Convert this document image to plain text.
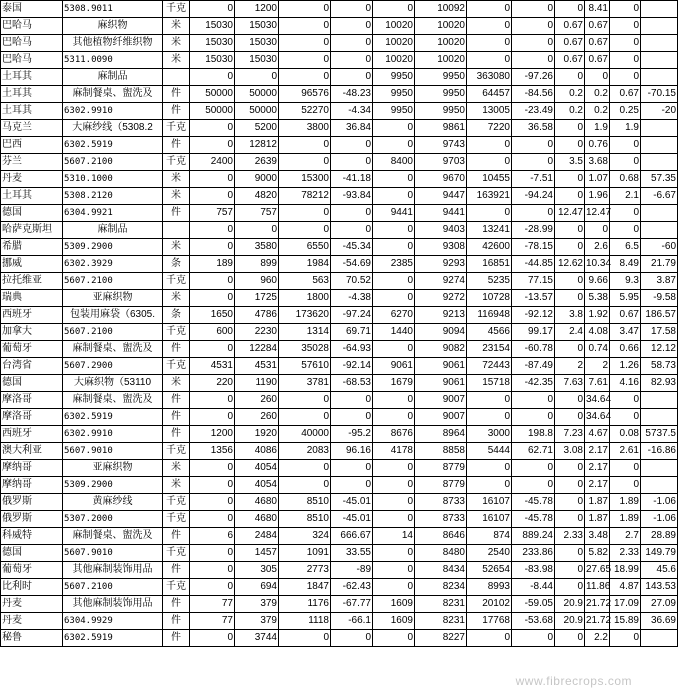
泰国	5308.9011	千克	0	1200	0	0	0	10092	0	0	0	8.41	0	
巴哈马	麻织物	米	15030	15030	0	0	10020	10020	0	0	0.67	0.67	0	
巴哈马	其他植物纤维织物	米	15030	15030	0	0	10020	10020	0	0	0.67	0.67	0	
巴哈马	5311.0090	米	15030	15030	0	0	10020	10020	0	0	0.67	0.67	0	
土耳其	麻制品		0	0	0	0	9950	9950	363080	-97.26	0	0	0	
土耳其	麻制餐桌、盥洗及	件	50000	50000	96576	-48.23	9950	9950	64457	-84.56	0.2	0.2	0.67	-70.15
土耳其	6302.9910	件	50000	50000	52270	-4.34	9950	9950	13005	-23.49	0.2	0.2	0.25	-20
马克兰	大麻纱线（5308.2	千克	0	5200	3800	36.84	0	9861	7220	36.58	0	1.9	1.9	
巴西	6302.5919	件	0	12812	0	0	0	9743	0	0	0	0.76	0	
芬兰	5607.2100	千克	2400	2639	0	0	8400	9703	0	0	3.5	3.68	0	
丹麦	5310.1000	米	0	9000	15300	-41.18	0	9670	10455	-7.51	0	1.07	0.68	57.35
土耳其	5308.2120	米	0	4820	78212	-93.84	0	9447	163921	-94.24	0	1.96	2.1	-6.67
德国	6304.9921	件	757	757	0	0	9441	9441	0	0	12.47	12.47	0	
哈萨克斯坦	麻制品		0	0	0	0	0	9403	13241	-28.99	0	0	0	
希腊	5309.2900	米	0	3580	6550	-45.34	0	9308	42600	-78.15	0	2.6	6.5	-60
挪威	6302.3929	条	189	899	1984	-54.69	2385	9293	16851	-44.85	12.62	10.34	8.49	21.79
拉托维亚	5607.2100	千克	0	960	563	70.52	0	9274	5235	77.15	0	9.66	9.3	3.87
瑞典	亚麻织物	米	0	1725	1800	-4.38	0	9272	10728	-13.57	0	5.38	5.95	-9.58
西班牙	包装用麻袋（6305.	条	1650	4786	173620	-97.24	6270	9213	116948	-92.12	3.8	1.92	0.67	186.57
加拿大	5607.2100	千克	600	2230	1314	69.71	1440	9094	4566	99.17	2.4	4.08	3.47	17.58
葡萄牙	麻制餐桌、盥洗及	件	0	12284	35028	-64.93	0	9082	23154	-60.78	0	0.74	0.66	12.12
台湾省	5607.2900	千克	4531	4531	57610	-92.14	9061	9061	72443	-87.49	2	2	1.26	58.73
德国	大麻织物（53110	米	220	1190	3781	-68.53	1679	9061	15718	-42.35	7.63	7.61	4.16	82.93
摩洛哥	麻制餐桌、盥洗及	件	0	260	0	0	0	9007	0	0	0	34.64	0	
摩洛哥	6302.5919	件	0	260	0	0	0	9007	0	0	0	34.64	0	
西班牙	6302.9910	件	1200	1920	40000	-95.2	8676	8964	3000	198.8	7.23	4.67	0.08	5737.5
澳大利亚	5607.9010	千克	1356	4086	2083	96.16	4178	8858	5444	62.71	3.08	2.17	2.61	-16.86
摩纳哥	亚麻织物	米	0	4054	0	0	0	8779	0	0	0	2.17	0	
摩纳哥	5309.2900	米	0	4054	0	0	0	8779	0	0	0	2.17	0	
俄罗斯	黄麻纱线	千克	0	4680	8510	-45.01	0	8733	16107	-45.78	0	1.87	1.89	-1.06
俄罗斯	5307.2000	千克	0	4680	8510	-45.01	0	8733	16107	-45.78	0	1.87	1.89	-1.06
科威特	麻制餐桌、盥洗及	件	6	2484	324	666.67	14	8646	874	889.24	2.33	3.48	2.7	28.89
德国	5607.9010	千克	0	1457	1091	33.55	0	8480	2540	233.86	0	5.82	2.33	149.79
葡萄牙	其他麻制装饰用品	件	0	305	2773	-89	0	8434	52654	-83.98	0	27.65	18.99	45.6
比利时	5607.2100	千克	0	694	1847	-62.43	0	8234	8993	-8.44	0	11.86	4.87	143.53
丹麦	其他麻制装饰用品	件	77	379	1176	-67.77	1609	8231	20102	-59.05	20.9	21.72	17.09	27.09
丹麦	6304.9929	件	77	379	1118	-66.1	1609	8231	17768	-53.68	20.9	21.72	15.89	36.69
秘鲁	6302.5919	件	0	3744	0	0	0	8227	0	0	0	2.2	0	
www.fibrecrops.com
